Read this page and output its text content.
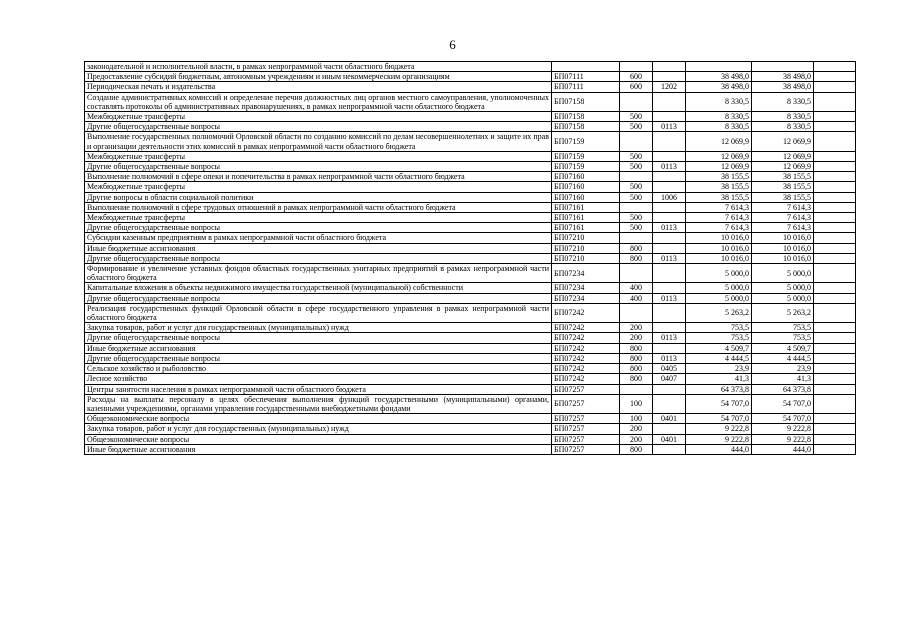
6
законодательной и исполнительной власти, в рамках непрограммной части областного бюджета						
Предоставление субсидий бюджетным, автономным учреждениям и иным некоммерческим организациям	БП07111	600		38 498,0	38 498,0	
Периодическая печать и издательства	БП07111	600	1202	38 498,0	38 498,0	
Создание административных комиссий и определение перечня должностных лиц органов местного самоуправления, уполномоченных составлять протоколы об административных правонарушениях, в рамках непрограммной части областного бюджета	БП07158			8 330,5	8 330,5	
Межбюджетные трансферты	БП07158	500		8 330,5	8 330,5	
Другие общегосударственные вопросы	БП07158	500	0113	8 330,5	8 330,5	
Выполнение государственных полномочий Орловской области по созданию комиссий по делам несовершеннолетних и защите их прав и организации деятельности этих комиссий в рамках непрограммной части областного бюджета	БП07159			12 069,9	12 069,9	
Межбюджетные трансферты	БП07159	500		12 069,9	12 069,9	
Другие общегосударственные вопросы	БП07159	500	0113	12 069,9	12 069,9	
Выполнение полномочий в сфере опеки и попечительства в рамках непрограммной части областного бюджета	БП07160			38 155,5	38 155,5	
Межбюджетные трансферты	БП07160	500		38 155,5	38 155,5	
Другие вопросы в области социальной политики	БП07160	500	1006	38 155,5	38 155,5	
Выполнение полномочий в сфере трудовых отношений в рамках непрограммной части областного бюджета	БП07161			7 614,3	7 614,3	
Межбюджетные трансферты	БП07161	500		7 614,3	7 614,3	
Другие общегосударственные вопросы	БП07161	500	0113	7 614,3	7 614,3	
Субсидии казенным предприятиям в рамках непрограммной части областного бюджета	БП07210			10 016,0	10 016,0	
Иные бюджетные ассигнования	БП07210	800		10 016,0	10 016,0	
Другие общегосударственные вопросы	БП07210	800	0113	10 016,0	10 016,0	
Формирование и увеличение уставных фондов областных государственных унитарных предприятий в рамках непрограммной части областного бюджета	БП07234			5 000,0	5 000,0	
Капитальные вложения в объекты недвижимого имущества государственной (муниципальной) собственности	БП07234	400		5 000,0	5 000,0	
Другие общегосударственные вопросы	БП07234	400	0113	5 000,0	5 000,0	
Реализация государственных функций Орловской области в сфере государственного управления в рамках непрограммной части областного бюджета	БП07242			5 263,2	5 263,2	
Закупка товаров, работ и услуг для государственных (муниципальных) нужд	БП07242	200		753,5	753,5	
Другие общегосударственные вопросы	БП07242	200	0113	753,5	753,5	
Иные бюджетные ассигнования	БП07242	800		4 509,7	4 509,7	
Другие общегосударственные вопросы	БП07242	800	0113	4 444,5	4 444,5	
Сельское хозяйство и рыболовство	БП07242	800	0405	23,9	23,9	
Лесное хозяйство	БП07242	800	0407	41,3	41,3	
Центры занятости населения в рамках непрограммной части областного бюджета	БП07257			64 373,8	64 373,8	
Расходы на выплаты персоналу в целях обеспечения выполнения функций государственными (муниципальными) органами, казенными учреждениями, органами управления государственными внебюджетными фондами	БП07257	100		54 707,0	54 707,0	
Общеэкономические вопросы	БП07257	100	0401	54 707,0	54 707,0	
Закупка товаров, работ и услуг для государственных (муниципальных) нужд	БП07257	200		9 222,8	9 222,8	
Общеэкономические вопросы	БП07257	200	0401	9 222,8	9 222,8	
Иные бюджетные ассигнования	БП07257	800		444,0	444,0	
